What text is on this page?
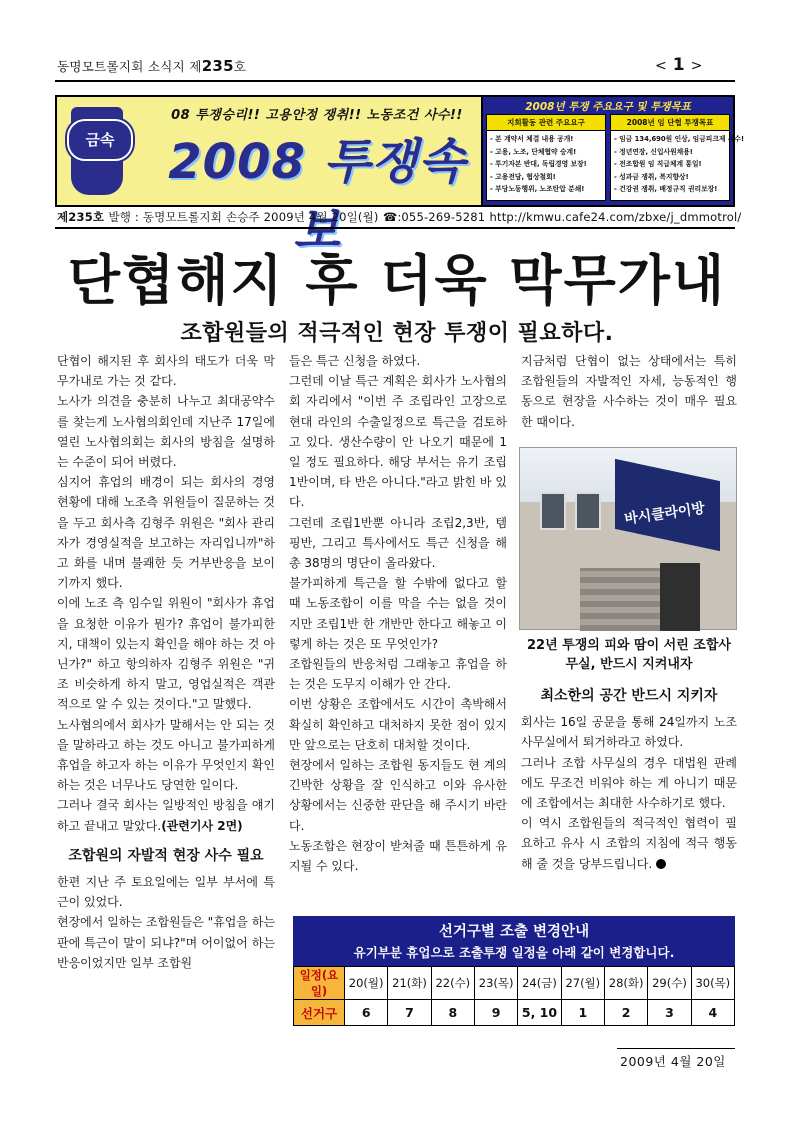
동명모트롤지회 소식지 제235호	< 1 >
금속
08 투쟁승리!! 고용안정 쟁취!! 노동조건 사수!!
2008 투쟁속보
2008년 투쟁 주요요구 및 투쟁목표
지회활동 관련 주요요구
- 본 계약서 체결 내용 공개!
- 고용, 노조, 단체협약 승계!
- 투기자본 반대, 독립경영 보장!
- 고용전담, 협상철회!
- 부당노동행위, 노조탄압 분쇄!
2008년 임 단협 투쟁목표
- 임금 134,690원 인상, 임금피크제 사수!
- 정년연장, 신입사원채용!
- 전조합원 임 직급체계 통일!
- 성과금 쟁취, 복지향상!
- 건강권 쟁취, 배정규직 권리보장!
제235호 발행 : 동명모트롤지회 손승주 2009년 4월 20일(월) ☎:055-269-5281 http://kmwu.cafe24.com/zbxe/j_dmmotrol/
단협해지 후 더욱 막무가내
조합원들의 적극적인 현장 투쟁이 필요하다.

단협이 해지된 후 회사의 태도가 더욱 막무가내로 가는 것 같다.

노사가 의견을 충분히 나누고 최대공약수를 찾는게 노사협의회인데 지난주 17일에 열린 노사협의회는 회사의 방침을 설명하는 수준이 되어 버렸다.

심지어 휴업의 배경이 되는 회사의 경영 현황에 대해 노조측 위원들이 질문하는 것을 두고 회사측 김형주 위원은 "회사 관리자가 경영실적을 보고하는 자리입니까"하고 화를 내며 불쾌한 듯 거부반응을 보이기까지 했다.

이에 노조 측 임수일 위원이 "회사가 휴업을 요청한 이유가 뭔가? 휴업이 불가피한지, 대책이 있는지 확인을 해야 하는 것 아닌가?" 하고 항의하자 김형주 위원은 "귀조 비슷하게 하지 말고, 영업실적은 객관적으로 알 수 있는 것이다."고 말했다.

노사협의에서 회사가 말해서는 안 되는 것을 말하라고 하는 것도 아니고 불가피하게 휴업을 하고자 하는 이유가 무엇인지 확인하는 것은 너무나도 당연한 일이다.

그러나 결국 회사는 일방적인 방침을 얘기하고 끝내고 말았다.(관련기사 2면)

조합원의 자발적 현장 사수 필요

한편 지난 주 토요일에는 일부 부서에 특근이 있었다.

현장에서 일하는 조합원들은 "휴업을 하는 판에 특근이 말이 되냐?"며 어이없어 하는 반응이었지만 일부 조합원

들은 특근 신청을 하였다.

그런데 이날 특근 계획은 회사가 노사협의회 자리에서 "이번 주 조립라인 고장으로 현대 라인의 수출일정으로 특근을 검토하고 있다. 생산수량이 안 나오기 때문에 1일 정도 필요하다. 해당 부서는 유기 조립1반이며, 타 반은 아니다."라고 밝힌 바 있다.

그런데 조립1반뿐 아니라 조립2,3반, 템핑반, 그리고 특사에서도 특근 신청을 해 총 38명의 명단이 올라왔다.

불가피하게 특근을 할 수밖에 없다고 할 때 노동조합이 이를 막을 수는 없을 것이지만 조립1반 한 개반만 한다고 해놓고 이렇게 하는 것은 또 무엇인가?

조합원들의 반응처럼 그래놓고 휴업을 하는 것은 도무지 이해가 안 간다.

이번 상황은 조합에서도 시간이 촉박해서 확실히 확인하고 대처하지 못한 점이 있지만 앞으로는 단호히 대처할 것이다.

현장에서 일하는 조합원 동지들도 현 계의 긴박한 상황을 잘 인식하고 이와 유사한 상황에서는 신중한 판단을 해 주시기 바란다.

노동조합은 현장이 받쳐줄 때 튼튼하게 유지될 수 있다.

지금처럼 단협이 없는 상태에서는 특히 조합원들의 자발적인 자세, 능동적인 행동으로 현장을 사수하는 것이 매우 필요한 때이다.

바시클라이방
22년 투쟁의 피와 땀이 서린 조합사무실, 반드시 지켜내자
최소한의 공간 반드시 지키자

회사는 16일 공문을 통해 24일까지 노조사무실에서 퇴거하라고 하였다.

그러나 조합 사무실의 경우 대법원 판례에도 무조건 비워야 하는 게 아니기 때문에 조합에서는 최대한 사수하기로 했다.

이 역시 조합원들의 적극적인 협력이 필요하고 유사 시 조합의 지침에 적극 행동해 줄 것을 당부드립니다.

선거구별 조출 변경안내
유기부분 휴업으로 조출투쟁 일정을 아래 같이 변경합니다.
일정(요일)	20(월)	21(화)	22(수)	23(목)	24(금)	27(월)	28(화)	29(수)	30(목)
선거구	6	7	8	9	5, 10	1	2	3	4
2009년 4월 20일
